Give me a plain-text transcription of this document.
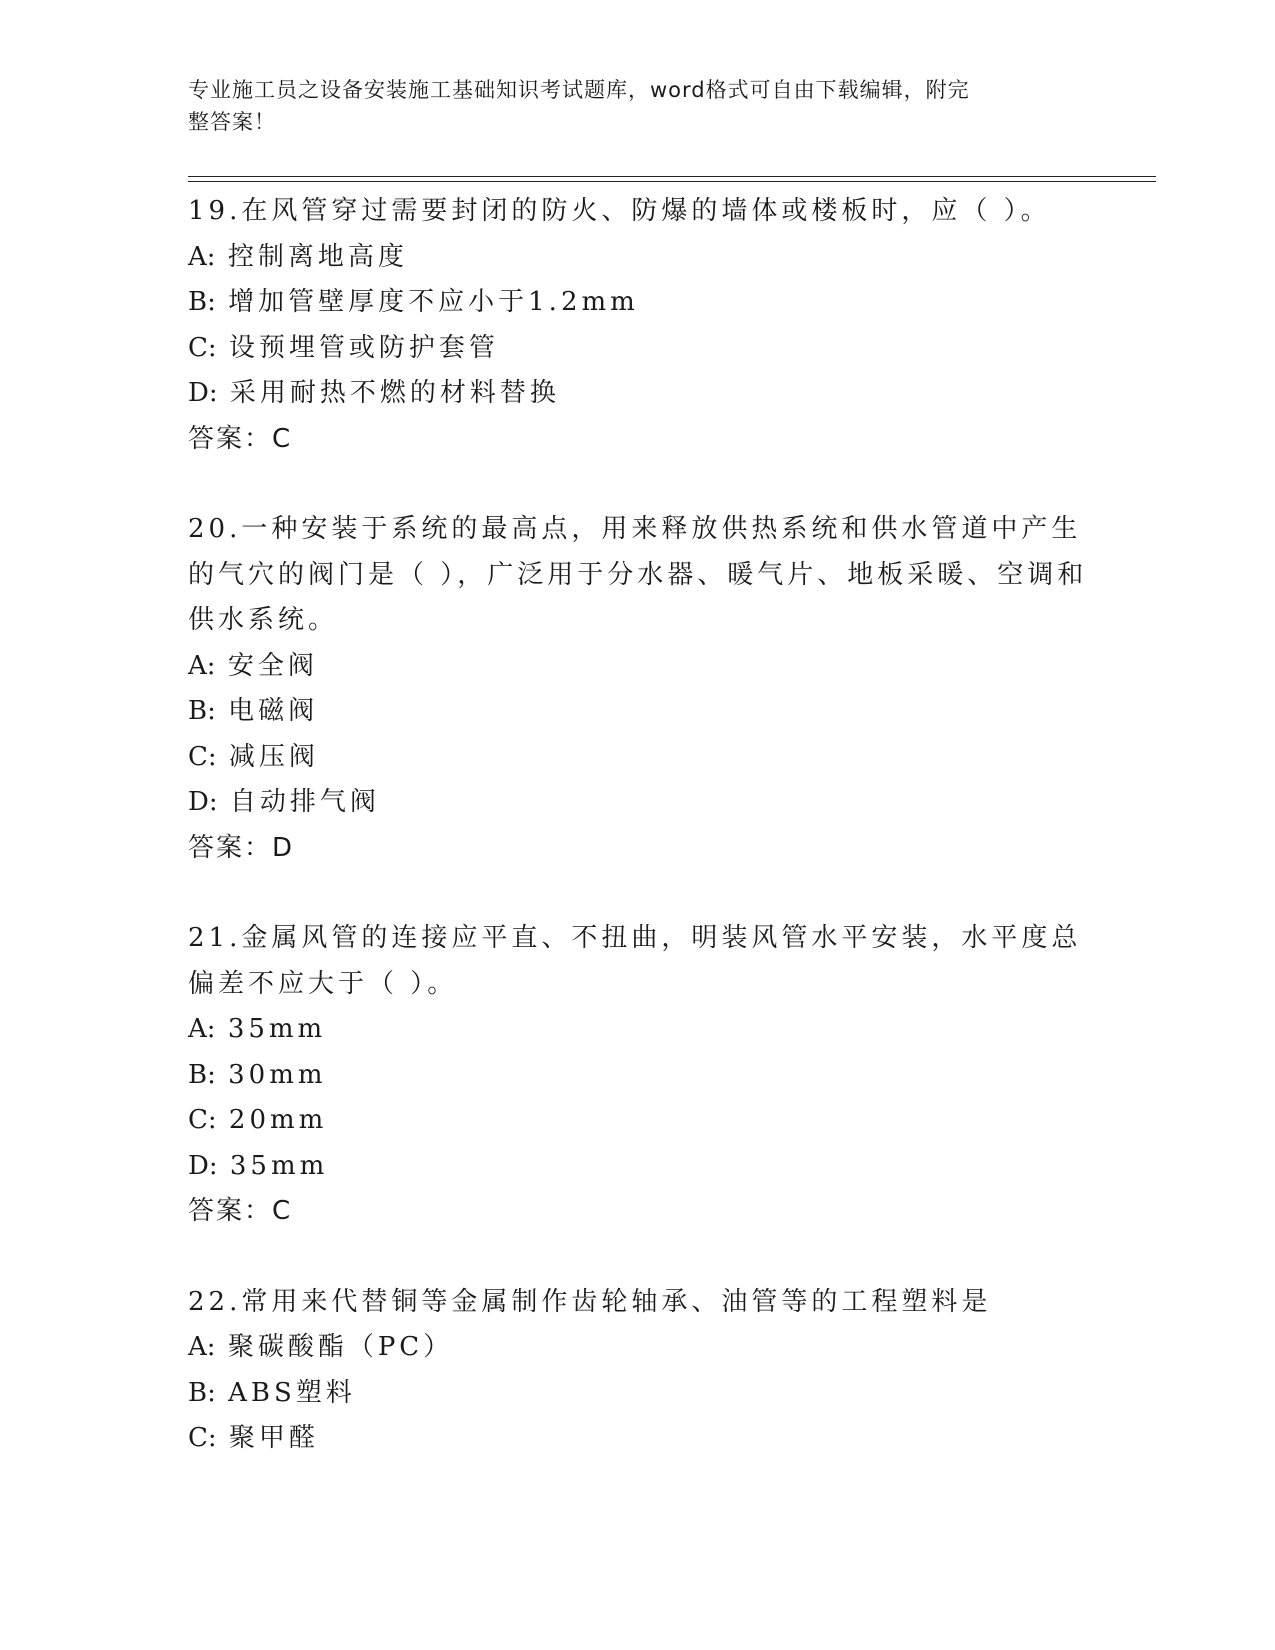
专业施工员之设备安装施工基础知识考试题库，word格式可自由下载编辑，附完
整答案！
19.在风管穿过需要封闭的防火、防爆的墙体或楼板时，应（ ）。
A: 控制离地高度
B: 增加管壁厚度不应小于1.2mm
C: 设预埋管或防护套管
D: 采用耐热不燃的材料替换
答案：C
20.一种安装于系统的最高点，用来释放供热系统和供水管道中产生的气穴的阀门是（ ），广泛用于分水器、暖气片、地板采暖、空调和供水系统。
A: 安全阀
B: 电磁阀
C: 减压阀
D: 自动排气阀
答案：D
21.金属风管的连接应平直、不扭曲，明装风管水平安装，水平度总偏差不应大于（ ）。
A: 35mm
B: 30mm
C: 20mm
D: 35mm
答案：C
22.常用来代替铜等金属制作齿轮轴承、油管等的工程塑料是
A: 聚碳酸酯（PC）
B: ABS塑料
C: 聚甲醛
